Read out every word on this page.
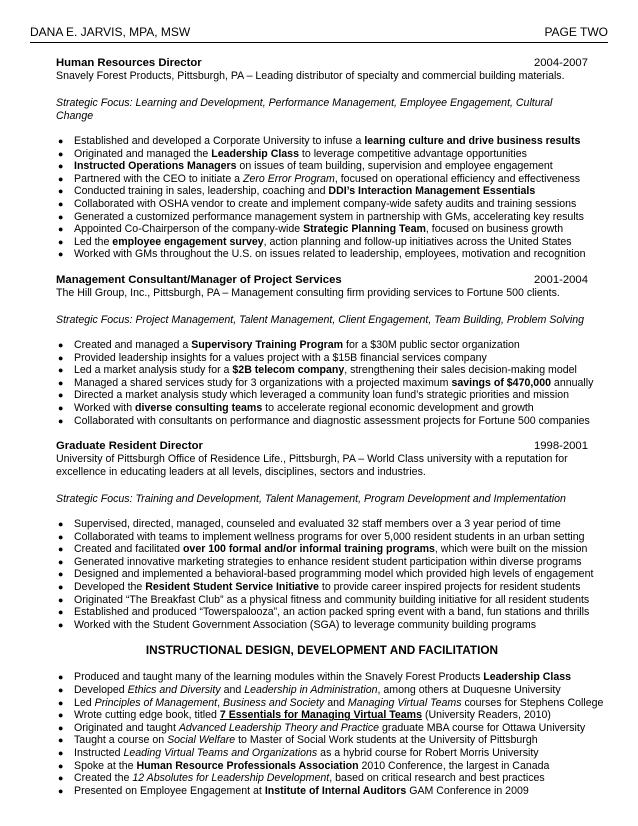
DANA E. JARVIS, MPA, MSW	PAGE TWO
Human Resources Director	2004-2007
Snavely Forest Products, Pittsburgh, PA – Leading distributor of specialty and commercial building materials.
Strategic Focus: Learning and Development, Performance Management, Employee Engagement, Cultural Change
● Established and developed a Corporate University to infuse a learning culture and drive business results
● Originated and managed the Leadership Class to leverage competitive advantage opportunities
● Instructed Operations Managers on issues of team building, supervision and employee engagement
● Partnered with the CEO to initiate a Zero Error Program, focused on operational efficiency and effectiveness
● Conducted training in sales, leadership, coaching and DDI’s Interaction Management Essentials
● Collaborated with OSHA vendor to create and implement company-wide safety audits and training sessions
● Generated a customized performance management system in partnership with GMs, accelerating key results
● Appointed Co-Chairperson of the company-wide Strategic Planning Team, focused on business growth
● Led the employee engagement survey, action planning and follow-up initiatives across the United States
● Worked with GMs throughout the U.S. on issues related to leadership, employees, motivation and recognition
Management Consultant/Manager of Project Services	2001-2004
The Hill Group, Inc., Pittsburgh, PA – Management consulting firm providing services to Fortune 500 clients.
Strategic Focus: Project Management, Talent Management, Client Engagement, Team Building, Problem Solving
● Created and managed a Supervisory Training Program for a $30M public sector organization
● Provided leadership insights for a values project with a $15B financial services company
● Led a market analysis study for a $2B telecom company, strengthening their sales decision-making model
● Managed a shared services study for 3 organizations with a projected maximum savings of $470,000 annually
● Directed a market analysis study which leveraged a community loan fund’s strategic priorities and mission
● Worked with diverse consulting teams to accelerate regional economic development and growth
● Collaborated with consultants on performance and diagnostic assessment projects for Fortune 500 companies
Graduate Resident Director	1998-2001
University of Pittsburgh Office of Residence Life., Pittsburgh, PA – World Class university with a reputation for excellence in educating leaders at all levels, disciplines, sectors and industries.
Strategic Focus: Training and Development, Talent Management, Program Development and Implementation
● Supervised, directed, managed, counseled and evaluated 32 staff members over a 3 year period of time
● Collaborated with teams to implement wellness programs for over 5,000 resident students in an urban setting
● Created and facilitated over 100 formal and/or informal training programs, which were built on the mission
● Generated innovative marketing strategies to enhance resident student participation within diverse programs
● Designed and implemented a behavioral-based programming model which provided high levels of engagement
● Developed the Resident Student Service Initiative to provide career inspired projects for resident students
● Originated “The Breakfast Club” as a physical fitness and community building initiative for all resident students
● Established and produced “Towerspalooza”, an action packed spring event with a band, fun stations and thrills
● Worked with the Student Government Association (SGA) to leverage community building programs
INSTRUCTIONAL DESIGN, DEVELOPMENT AND FACILITATION
● Produced and taught many of the learning modules within the Snavely Forest Products Leadership Class
● Developed Ethics and Diversity and Leadership in Administration, among others at Duquesne University
● Led Principles of Management, Business and Society and Managing Virtual Teams courses for Stephens College
● Wrote cutting edge book, titled 7 Essentials for Managing Virtual Teams (University Readers, 2010)
● Originated and taught Advanced Leadership Theory and Practice graduate MBA course for Ottawa University
● Taught a course on Social Welfare to Master of Social Work students at the University of Pittsburgh
● Instructed Leading Virtual Teams and Organizations as a hybrid course for Robert Morris University
● Spoke at the Human Resource Professionals Association 2010 Conference, the largest in Canada
● Created the 12 Absolutes for Leadership Development, based on critical research and best practices
● Presented on Employee Engagement at Institute of Internal Auditors GAM Conference in 2009
